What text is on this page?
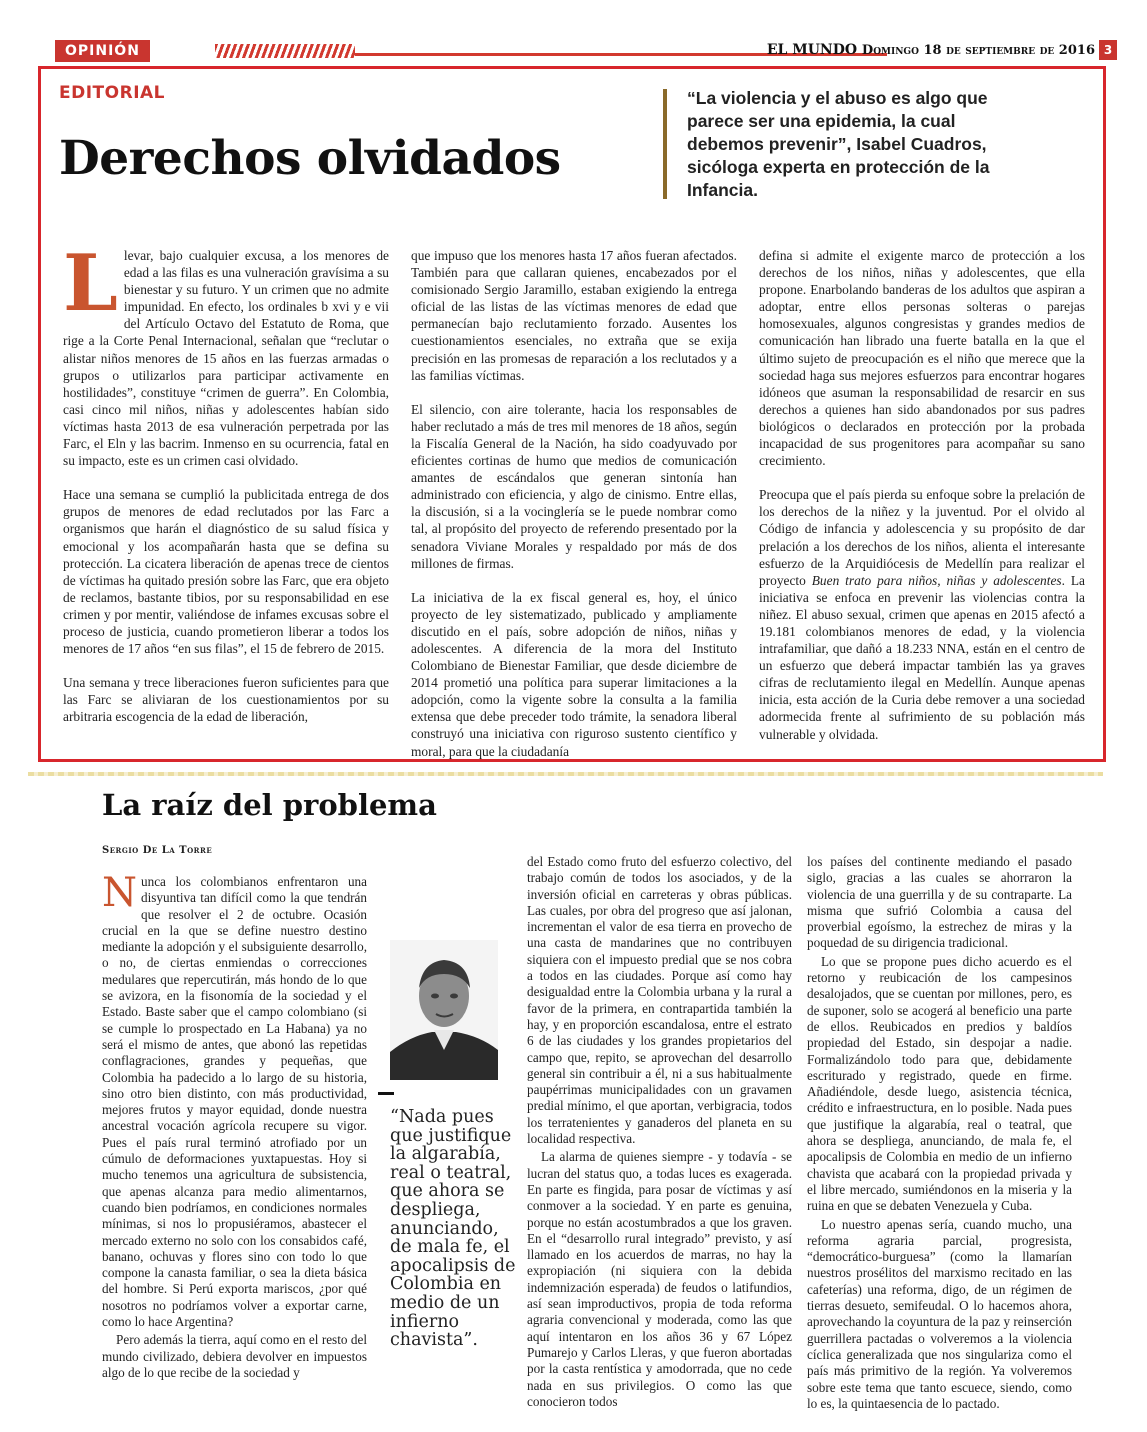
OPINIÓN	EL MUNDO Domingo 18 de septiembre de 2016 3
EDITORIAL
Derechos olvidados
“La violencia y el abuso es algo que parece ser una epidemia, la cual debemos prevenir”, Isabel Cuadros, sicóloga experta en protección de la Infancia.

Llevar, bajo cualquier excusa, a los menores de edad a las filas es una vulneración gravísima a su bienestar y su futuro. Y un crimen que no admite impunidad. En efecto, los ordinales b xvi y e vii del Artículo Octavo del Estatuto de Roma, que rige a la Corte Penal Internacional, señalan que “reclutar o alistar niños menores de 15 años en las fuerzas armadas o grupos o utilizarlos para participar activamente en hostilidades”, constituye “crimen de guerra”. En Colombia, casi cinco mil niños, niñas y adolescentes habían sido víctimas hasta 2013 de esa vulneración perpetrada por las Farc, el Eln y las bacrim. Inmenso en su ocurrencia, fatal en su impacto, este es un crimen casi olvidado.

Hace una semana se cumplió la publicitada entrega de dos grupos de menores de edad reclutados por las Farc a organismos que harán el diagnóstico de su salud física y emocional y los acompañarán hasta que se defina su protección. La cicatera liberación de apenas trece de cientos de víctimas ha quitado presión sobre las Farc, que era objeto de reclamos, bastante tibios, por su responsabilidad en ese crimen y por mentir, valiéndose de infames excusas sobre el proceso de justicia, cuando prometieron liberar a todos los menores de 17 años “en sus filas”, el 15 de febrero de 2015.

Una semana y trece liberaciones fueron suficientes para que las Farc se aliviaran de los cuestionamientos por su arbitraria escogencia de la edad de liberación,

que impuso que los menores hasta 17 años fueran afectados. También para que callaran quienes, encabezados por el comisionado Sergio Jaramillo, estaban exigiendo la entrega oficial de las listas de las víctimas menores de edad que permanecían bajo reclutamiento forzado. Ausentes los cuestionamientos esenciales, no extraña que se exija precisión en las promesas de reparación a los reclutados y a las familias víctimas.

El silencio, con aire tolerante, hacia los responsables de haber reclutado a más de tres mil menores de 18 años, según la Fiscalía General de la Nación, ha sido coadyuvado por eficientes cortinas de humo que medios de comunicación amantes de escándalos que generan sintonía han administrado con eficiencia, y algo de cinismo. Entre ellas, la discusión, si a la vocinglería se le puede nombrar como tal, al propósito del proyecto de referendo presentado por la senadora Viviane Morales y respaldado por más de dos millones de firmas.

La iniciativa de la ex fiscal general es, hoy, el único proyecto de ley sistematizado, publicado y ampliamente discutido en el país, sobre adopción de niños, niñas y adolescentes. A diferencia de la mora del Instituto Colombiano de Bienestar Familiar, que desde diciembre de 2014 prometió una política para superar limitaciones a la adopción, como la vigente sobre la consulta a la familia extensa que debe preceder todo trámite, la senadora liberal construyó una iniciativa con riguroso sustento científico y moral, para que la ciudadanía

defina si admite el exigente marco de protección a los derechos de los niños, niñas y adolescentes, que ella propone. Enarbolando banderas de los adultos que aspiran a adoptar, entre ellos personas solteras o parejas homosexuales, algunos congresistas y grandes medios de comunicación han librado una fuerte batalla en la que el último sujeto de preocupación es el niño que merece que la sociedad haga sus mejores esfuerzos para encontrar hogares idóneos que asuman la responsabilidad de resarcir en sus derechos a quienes han sido abandonados por sus padres biológicos o declarados en protección por la probada incapacidad de sus progenitores para acompañar su sano crecimiento.

Preocupa que el país pierda su enfoque sobre la prelación de los derechos de la niñez y la juventud. Por el olvido al Código de infancia y adolescencia y su propósito de dar prelación a los derechos de los niños, alienta el interesante esfuerzo de la Arquidiócesis de Medellín para realizar el proyecto Buen trato para niños, niñas y adolescentes. La iniciativa se enfoca en prevenir las violencias contra la niñez. El abuso sexual, crimen que apenas en 2015 afectó a 19.181 colombianos menores de edad, y la violencia intrafamiliar, que dañó a 18.233 NNA, están en el centro de un esfuerzo que deberá impactar también las ya graves cifras de reclutamiento ilegal en Medellín. Aunque apenas inicia, esta acción de la Curia debe remover a una sociedad adormecida frente al sufrimiento de su población más vulnerable y olvidada.

La raíz del problema
Sergio De La Torre

Nunca los colombianos enfrentaron una disyuntiva tan difícil como la que tendrán que resolver el 2 de octubre. Ocasión crucial en la que se define nuestro destino mediante la adopción y el subsiguiente desarrollo, o no, de ciertas enmiendas o correcciones medulares que repercutirán, más hondo de lo que se avizora, en la fisonomía de la sociedad y el Estado. Baste saber que el campo colombiano (si se cumple lo prospectado en La Habana) ya no será el mismo de antes, que abonó las repetidas conflagraciones, grandes y pequeñas, que Colombia ha padecido a lo largo de su historia, sino otro bien distinto, con más productividad, mejores frutos y mayor equidad, donde nuestra ancestral vocación agrícola recupere su vigor. Pues el país rural terminó atrofiado por un cúmulo de deformaciones yuxtapuestas. Hoy si mucho tenemos una agricultura de subsistencia, que apenas alcanza para medio alimentarnos, cuando bien podríamos, en condiciones normales mínimas, si nos lo propusiéramos, abastecer el mercado externo no solo con los consabidos café, banano, ochuvas y flores sino con todo lo que compone la canasta familiar, o sea la dieta básica del hombre. Si Perú exporta mariscos, ¿por qué nosotros no podríamos volver a exportar carne, como lo hace Argentina?

Pero además la tierra, aquí como en el resto del mundo civilizado, debiera devolver en impuestos algo de lo que recibe de la sociedad y

“Nada pues que justifique la algarabía, real o teatral, que ahora se despliega, anunciando, de mala fe, el apocalipsis de Colombia en medio de un infierno chavista”.

del Estado como fruto del esfuerzo colectivo, del trabajo común de todos los asociados, y de la inversión oficial en carreteras y obras públicas. Las cuales, por obra del progreso que así jalonan, incrementan el valor de esa tierra en provecho de una casta de mandarines que no contribuyen siquiera con el impuesto predial que se nos cobra a todos en las ciudades. Porque así como hay desigualdad entre la Colombia urbana y la rural a favor de la primera, en contrapartida también la hay, y en proporción escandalosa, entre el estrato 6 de las ciudades y los grandes propietarios del campo que, repito, se aprovechan del desarrollo general sin contribuir a él, ni a sus habitualmente paupérrimas municipalidades con un gravamen predial mínimo, el que aportan, verbigracia, todos los terratenientes y ganaderos del planeta en su localidad respectiva.

La alarma de quienes siempre - y todavía - se lucran del status quo, a todas luces es exagerada. En parte es fingida, para posar de víctimas y así conmover a la sociedad. Y en parte es genuina, porque no están acostumbrados a que los graven. En el “desarrollo rural integrado” previsto, y así llamado en los acuerdos de marras, no hay la expropiación (ni siquiera con la debida indemnización esperada) de feudos o latifundios, así sean improductivos, propia de toda reforma agraria convencional y moderada, como las que aquí intentaron en los años 36 y 67 López Pumarejo y Carlos Lleras, y que fueron abortadas por la casta rentística y amodorrada, que no cede nada en sus privilegios. O como las que conocieron todos

los países del continente mediando el pasado siglo, gracias a las cuales se ahorraron la violencia de una guerrilla y de su contraparte. La misma que sufrió Colombia a causa del proverbial egoísmo, la estrechez de miras y la poquedad de su dirigencia tradicional.

Lo que se propone pues dicho acuerdo es el retorno y reubicación de los campesinos desalojados, que se cuentan por millones, pero, es de suponer, solo se acogerá al beneficio una parte de ellos. Reubicados en predios y baldíos propiedad del Estado, sin despojar a nadie. Formalizándolo todo para que, debidamente escriturado y registrado, quede en firme. Añadiéndole, desde luego, asistencia técnica, crédito e infraestructura, en lo posible. Nada pues que justifique la algarabía, real o teatral, que ahora se despliega, anunciando, de mala fe, el apocalipsis de Colombia en medio de un infierno chavista que acabará con la propiedad privada y el libre mercado, sumiéndonos en la miseria y la ruina en que se debaten Venezuela y Cuba.

Lo nuestro apenas sería, cuando mucho, una reforma agraria parcial, progresista, “democrático-burguesa” (como la llamarían nuestros prosélitos del marxismo recitado en las cafeterías) una reforma, digo, de un régimen de tierras desueto, semifeudal. O lo hacemos ahora, aprovechando la coyuntura de la paz y reinserción guerrillera pactadas o volveremos a la violencia cíclica generalizada que nos singulariza como el país más primitivo de la región. Ya volveremos sobre este tema que tanto escuece, siendo, como lo es, la quintaesencia de lo pactado.
